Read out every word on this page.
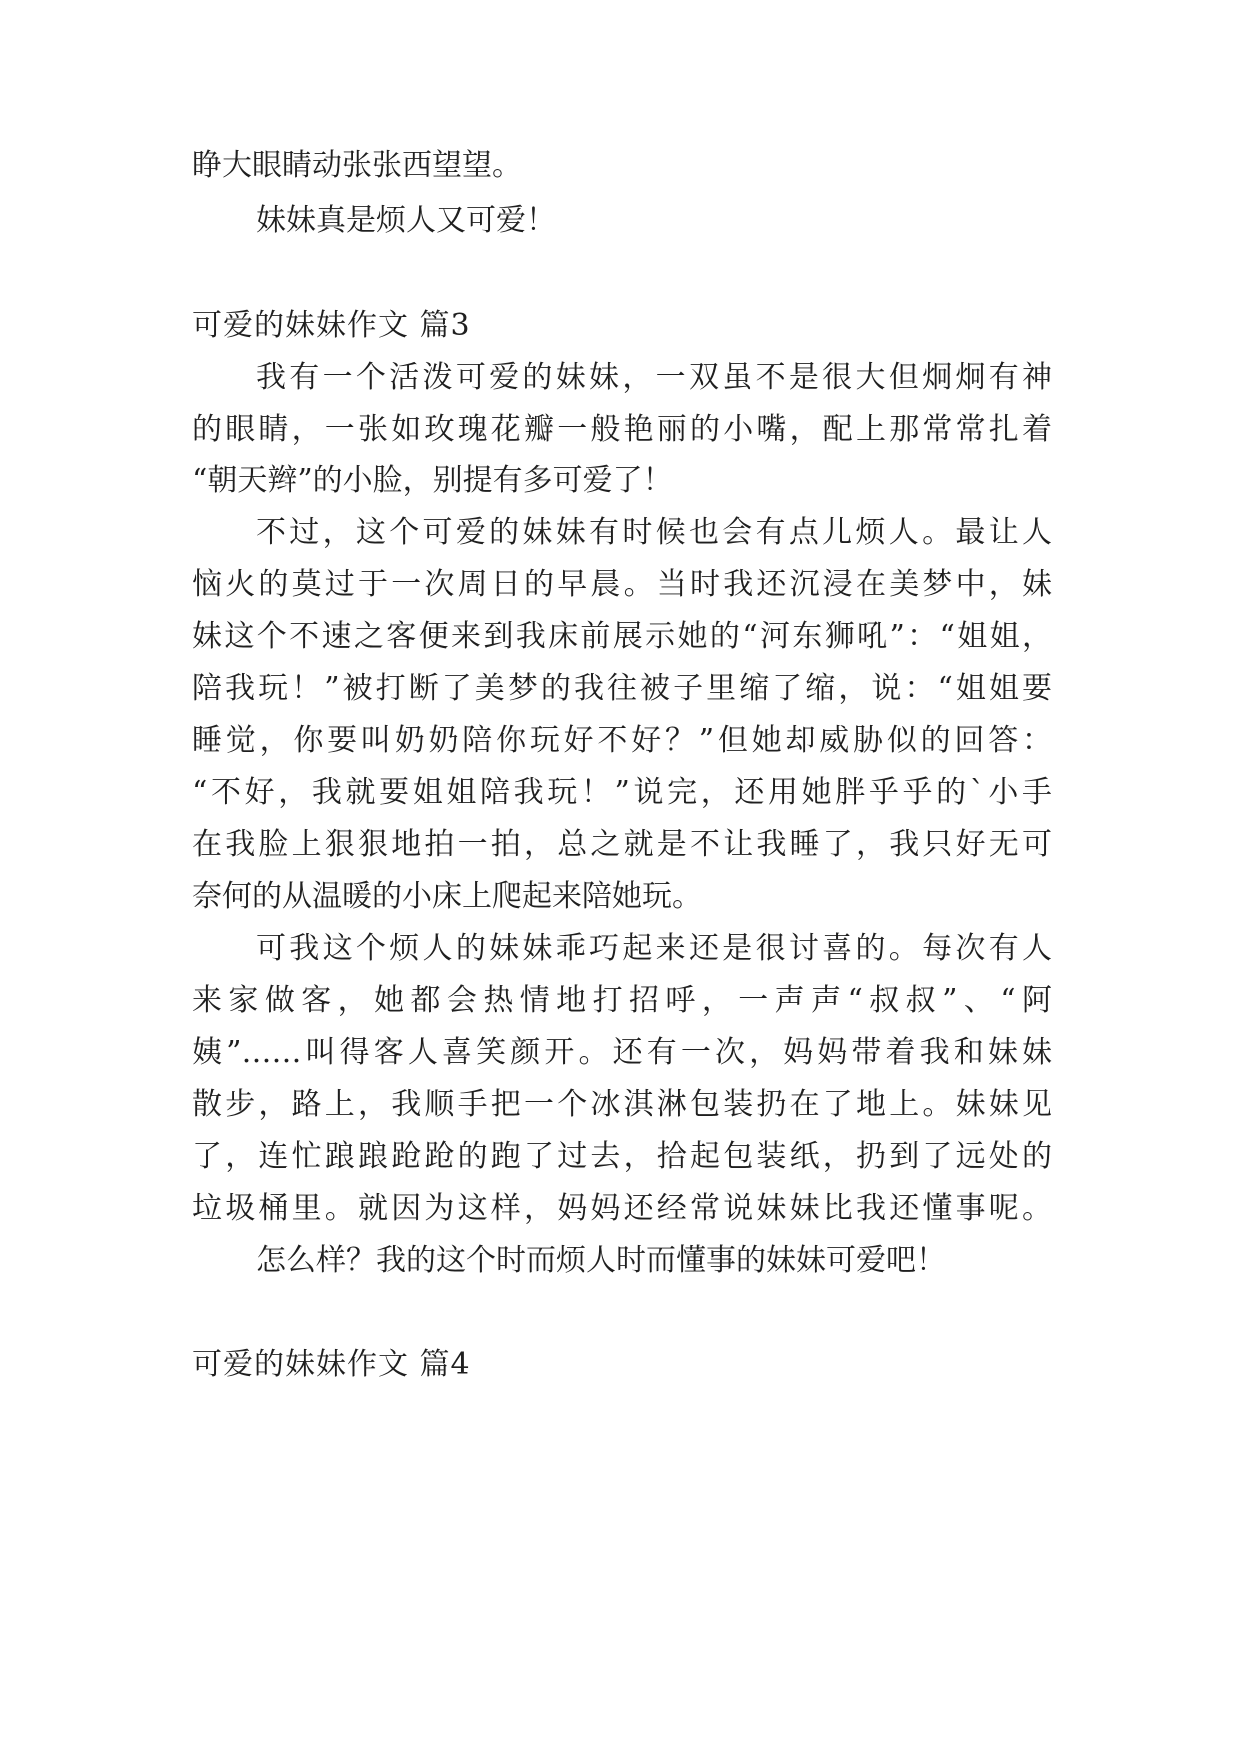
睁大眼睛动张张西望望。
妹妹真是烦人又可爱！
可爱的妹妹作文 篇3
我有一个活泼可爱的妹妹，一双虽不是很大但炯炯有神
的眼睛，一张如玫瑰花瓣一般艳丽的小嘴，配上那常常扎着
“朝天辫”的小脸，别提有多可爱了！
不过，这个可爱的妹妹有时候也会有点儿烦人。最让人
恼火的莫过于一次周日的早晨。当时我还沉浸在美梦中，妹
妹这个不速之客便来到我床前展示她的“河东狮吼”：“姐姐，
陪我玩！”被打断了美梦的我往被子里缩了缩，说：“姐姐要
睡觉，你要叫奶奶陪你玩好不好？”但她却威胁似的回答：
“不好，我就要姐姐陪我玩！”说完，还用她胖乎乎的`小手
在我脸上狠狠地拍一拍，总之就是不让我睡了，我只好无可
奈何的从温暖的小床上爬起来陪她玩。
可我这个烦人的妹妹乖巧起来还是很讨喜的。每次有人
来家做客，她都会热情地打招呼，一声声“叔叔”、“阿
姨”……叫得客人喜笑颜开。还有一次，妈妈带着我和妹妹
散步，路上，我顺手把一个冰淇淋包装扔在了地上。妹妹见
了，连忙踉踉跄跄的跑了过去，拾起包装纸，扔到了远处的
垃圾桶里。就因为这样，妈妈还经常说妹妹比我还懂事呢。
怎么样？我的这个时而烦人时而懂事的妹妹可爱吧！
可爱的妹妹作文 篇4
